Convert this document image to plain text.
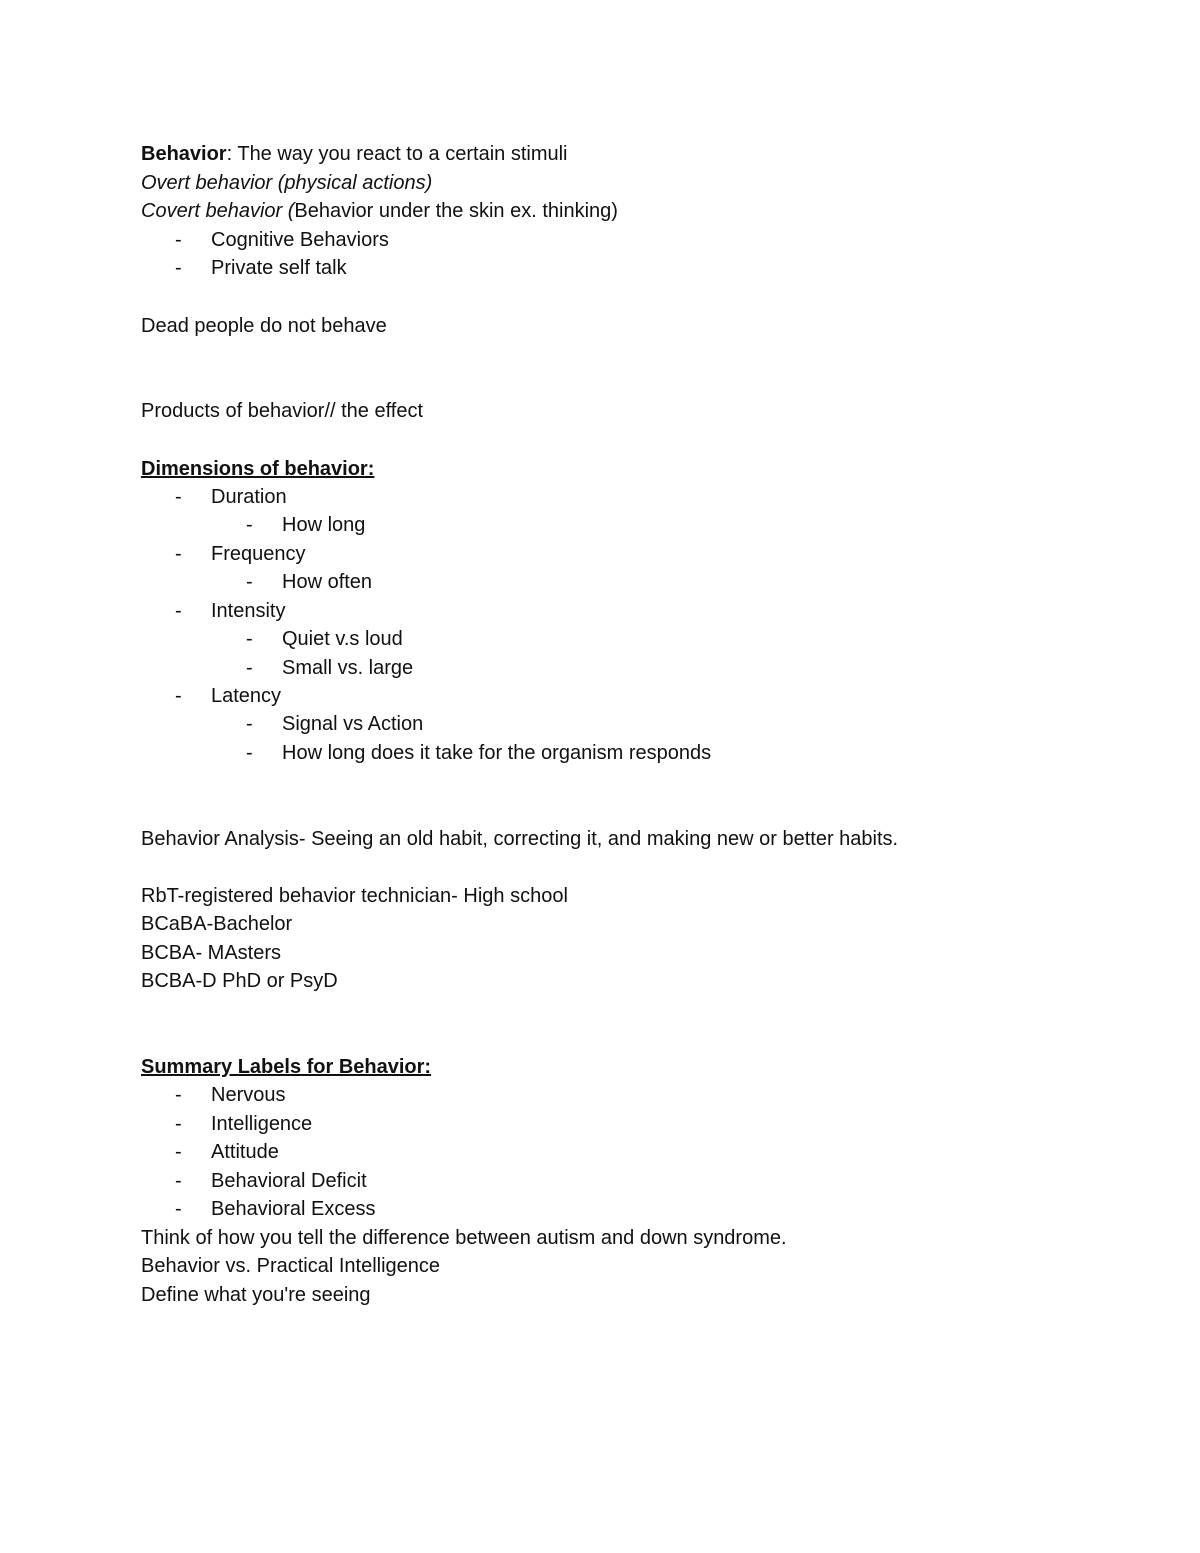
Behavior: The way you react to a certain stimuli
Overt behavior (physical actions)
Covert behavior (Behavior under the skin ex. thinking)
- Cognitive Behaviors
- Private self talk
Dead people do not behave
Products of behavior// the effect
Dimensions of behavior:
- Duration
- How long
- Frequency
- How often
- Intensity
- Quiet v.s loud
- Small vs. large
- Latency
- Signal vs Action
- How long does it take for the organism responds
Behavior Analysis- Seeing an old habit, correcting it, and making new or better habits.
RbT-registered behavior technician- High school
BCaBA-Bachelor
BCBA- MAsters
BCBA-D PhD or PsyD
Summary Labels for Behavior:
- Nervous
- Intelligence
- Attitude
- Behavioral Deficit
- Behavioral Excess
Think of how you tell the difference between autism and down syndrome.
Behavior vs. Practical Intelligence
Define what you're seeing
